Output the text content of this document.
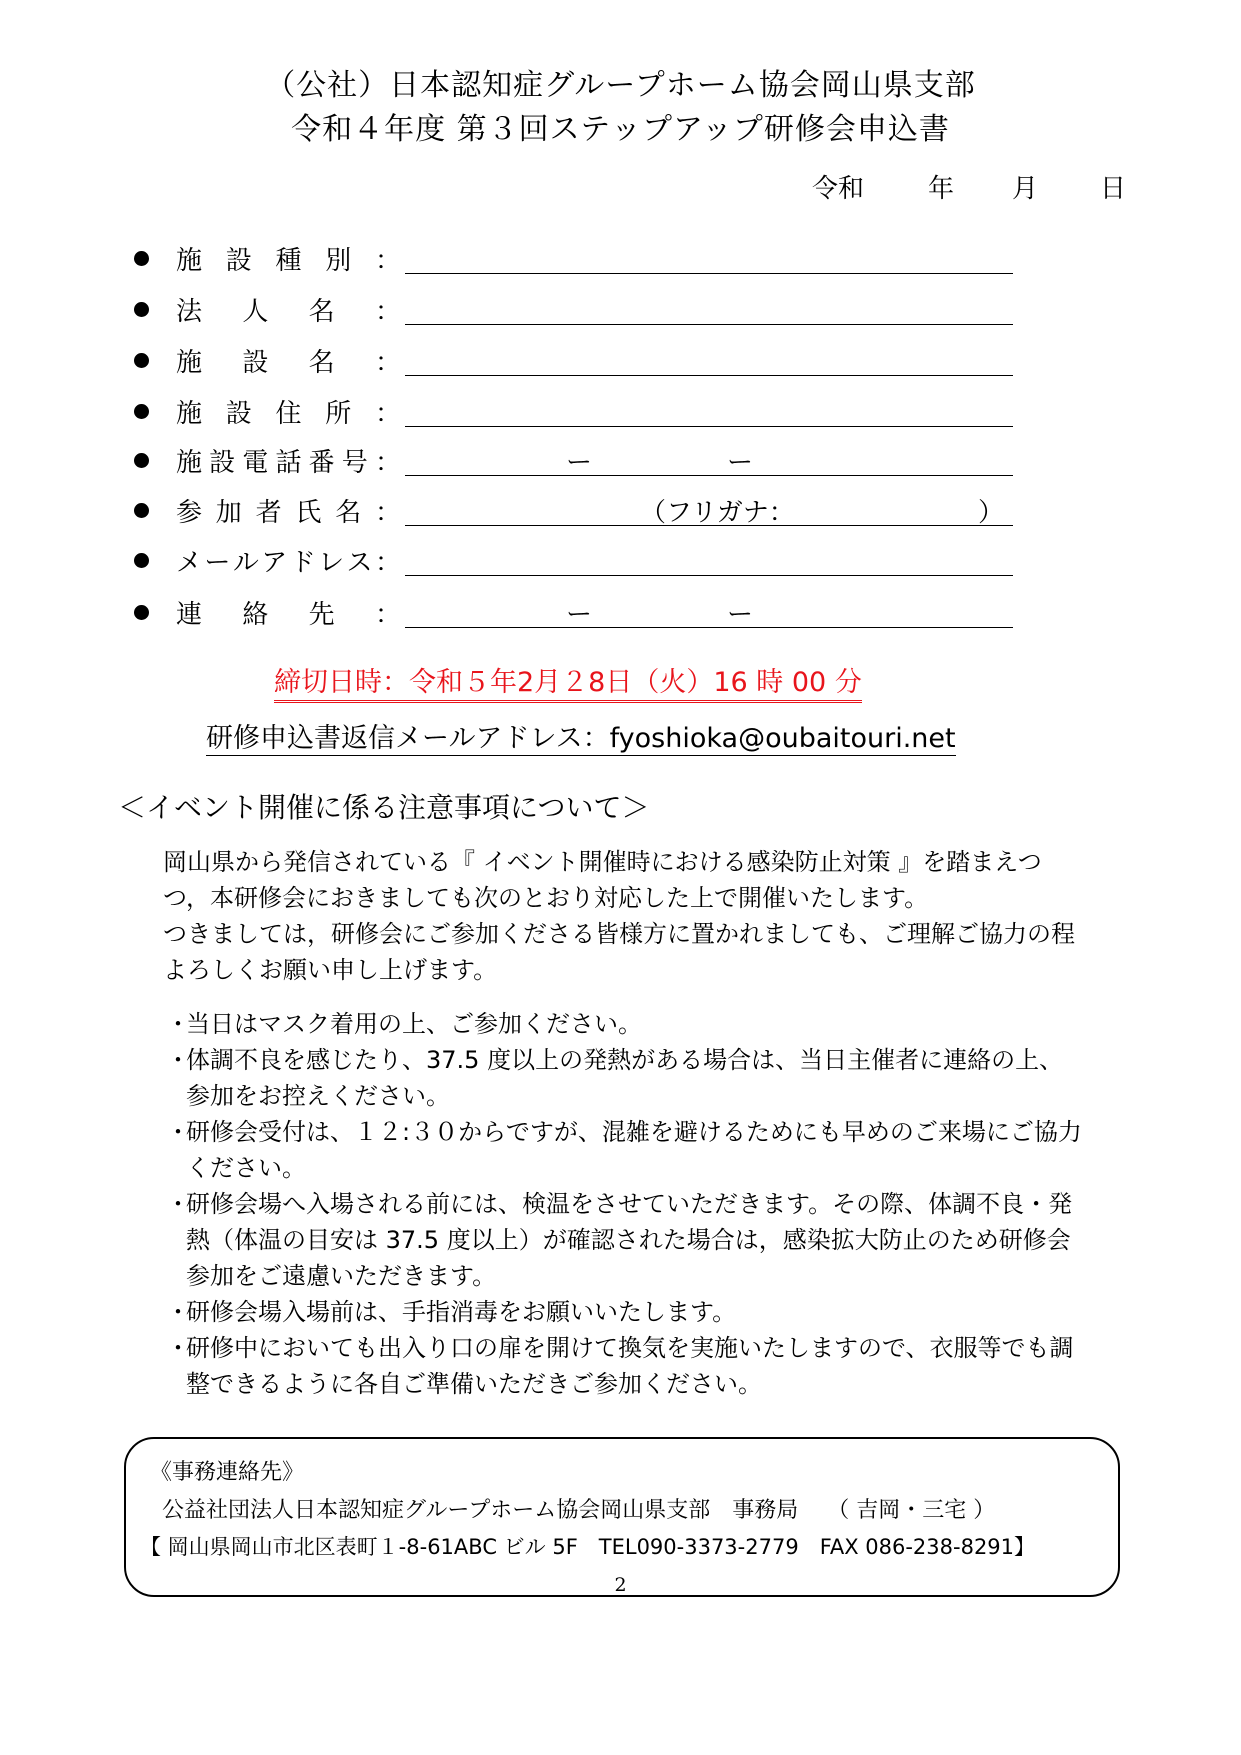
（公社）日本認知症グループホーム協会岡山県支部
令和４年度 第３回ステップアップ研修会申込書
令和 年 月 日
施 設 種 別 ：
法 人 名 ：
施 設 名 ：
施 設 住 所 ：
施 設 電 話 番 号 ：	ー	ー
参 加 者 氏 名 ：	（フリガナ：	）
メ ー ル ア ド レ ス ：
連 絡 先 ：	ー	ー
締切日時：令和５年2月２8日（火）16 時 00 分
研修申込書返信メールアドレス：fyoshioka@oubaitouri.net
＜イベント開催に係る注意事項について＞
岡山県から発信されている『 イベント開催時における感染防止対策 』を踏まえつ
つ，本研修会におきましても次のとおり対応した上で開催いたします。
つきましては，研修会にご参加くださる皆様方に置かれましても、ご理解ご協力の程
よろしくお願い申し上げます。
・
当日はマスク着用の上、ご参加ください。
・
体調不良を感じたり、37.5 度以上の発熱がある場合は、当日主催者に連絡の上、
参加をお控えください。
・
研修会受付は、１２:３０からですが、混雑を避けるためにも早めのご来場にご協力
ください。
・
研修会場へ入場される前には、検温をさせていただきます。その際、体調不良・発
熱（体温の目安は 37.5 度以上）が確認された場合は，感染拡大防止のため研修会
参加をご遠慮いただきます。
・
研修会場入場前は、手指消毒をお願いいたします。
・
研修中においても出入り口の扉を開けて換気を実施いたしますので、衣服等でも調
整できるように各自ご準備いただきご参加ください。
《事務連絡先》
公益社団法人日本認知症グループホーム協会岡山県支部　事務局　 （ 吉岡・三宅 ）
【 岡山県岡山市北区表町１-8-61ABC ビル 5F　TEL090-3373-2779　FAX 086-238-8291】
2
